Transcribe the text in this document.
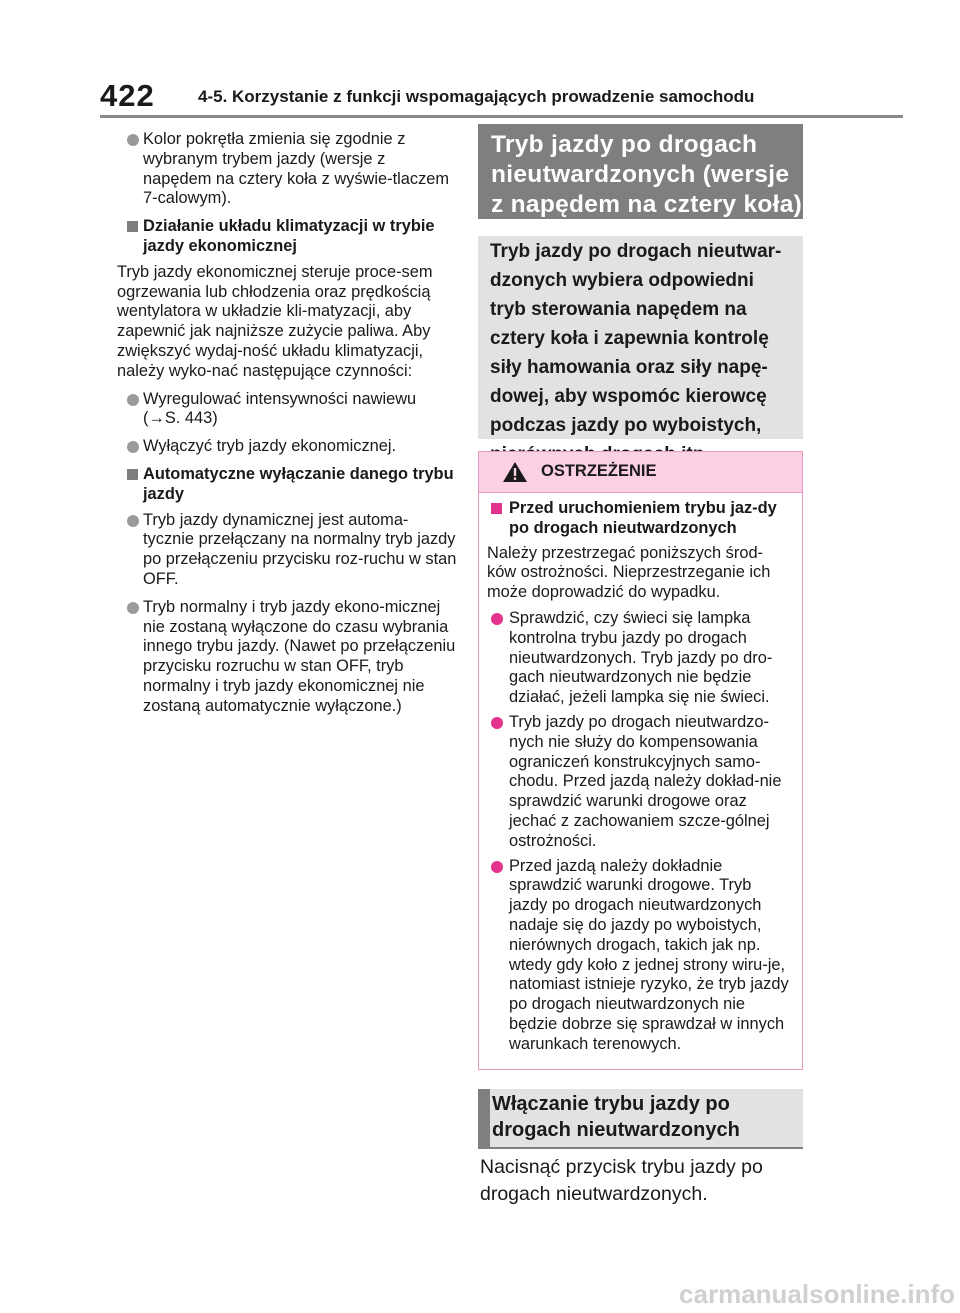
422	4-5. Korzystanie z funkcji wspomagających prowadzenie samochodu

Kolor pokrętła zmienia się zgodnie z wybranym trybem jazdy (wersje z napędem na cztery koła z wyświe-tlaczem 7-calowym).

Działanie układu klimatyzacji w trybie jazdy ekonomicznej

Tryb jazdy ekonomicznej steruje proce-sem ogrzewania lub chłodzenia oraz prędkością wentylatora w układzie kli-matyzacji, aby zapewnić jak najniższe zużycie paliwa. Aby zwiększyć wydaj-ność układu klimatyzacji, należy wyko-nać następujące czynności:

Wyregulować intensywności nawiewu (→S. 443)

Wyłączyć tryb jazdy ekonomicznej.

Automatyczne wyłączanie danego trybu jazdy

Tryb jazdy dynamicznej jest automa-tycznie przełączany na normalny tryb jazdy po przełączeniu przycisku roz-ruchu w stan OFF.

Tryb normalny i tryb jazdy ekono-micznej nie zostaną wyłączone do czasu wybrania innego trybu jazdy. (Nawet po przełączeniu przycisku rozruchu w stan OFF, tryb normalny i tryb jazdy ekonomicznej nie zostaną automatycznie wyłączone.)

Tryb jazdy po drogach nieutwardzonych (wersje z napędem na cztery koła)
Tryb jazdy po drogach nieutwar-dzonych wybiera odpowiedni tryb sterowania napędem na cztery koła i zapewnia kontrolę siły hamowania oraz siły napę-dowej, aby wspomóc kierowcę podczas jazdy po wyboistych,
OSTRZEŻENIE

Przed uruchomieniem trybu jaz-dy po drogach nieutwardzonych

Należy przestrzegać poniższych środ-ków ostrożności. Nieprzestrzeganie ich może doprowadzić do wypadku.

Sprawdzić, czy świeci się lampka kontrolna trybu jazdy po drogach nieutwardzonych. Tryb jazdy po dro-gach nieutwardzonych nie będzie działać, jeżeli lampka się nie świeci.

Tryb jazdy po drogach nieutwardzo-nych nie służy do kompensowania ograniczeń konstrukcyjnych samo-chodu. Przed jazdą należy dokład-nie sprawdzić warunki drogowe oraz jechać z zachowaniem szcze-gólnej ostrożności.

Przed jazdą należy dokładnie sprawdzić warunki drogowe. Tryb jazdy po drogach nieutwardzonych nadaje się do jazdy po wyboistych, nierównych drogach, takich jak np. wtedy gdy koło z jednej strony wiru-je, natomiast istnieje ryzyko, że tryb jazdy po drogach nieutwardzonych nie będzie dobrze się sprawdzał w innych warunkach terenowych.

Włączanie trybu jazdy po drogach nieutwardzonych
Nacisnąć przycisk trybu jazdy po drogach nieutwardzonych.
carmanualsonline.info
